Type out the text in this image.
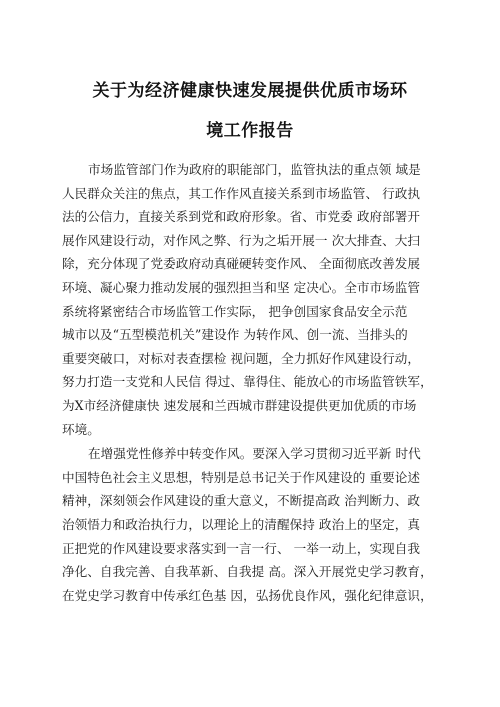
关于为经济健康快速发展提供优质市场环
境工作报告
市场监管部门作为政府的职能部门，监管执法的重点领 域是
人民群众关注的焦点，其工作作风直接关系到市场监管、 行政执
法的公信力，直接关系到党和政府形象。省、市党委 政府部署开
展作风建设行动，对作风之弊、行为之垢开展一 次大排查、大扫
除，充分体现了党委政府动真碰硬转变作风、 全面彻底改善发展
环境、凝心聚力推动发展的强烈担当和坚 定决心。全市市场监管
系统将紧密结合市场监管工作实际， 把争创国家食品安全示范
城市以及“五型模范机关”建设作 为转作风、创一流、当排头的
重要突破口，对标对表查摆检 视问题，全力抓好作风建设行动，
努力打造一支党和人民信 得过、靠得住、能放心的市场监管铁军，
为X市经济健康快 速发展和兰西城市群建设提供更加优质的市场
环境。
在增强党性修养中转变作风。要深入学习贯彻习近平新 时代
中国特色社会主义思想，特别是总书记关于作风建设的 重要论述
精神，深刻领会作风建设的重大意义，不断提高政 治判断力、政
治领悟力和政治执行力，以理论上的清醒保持 政治上的坚定，真
正把党的作风建设要求落实到一言一行、 一举一动上，实现自我
净化、自我完善、自我革新、自我提 高。深入开展党史学习教育，
在党史学习教育中传承红色基 因，弘扬优良作风，强化纪律意识，
